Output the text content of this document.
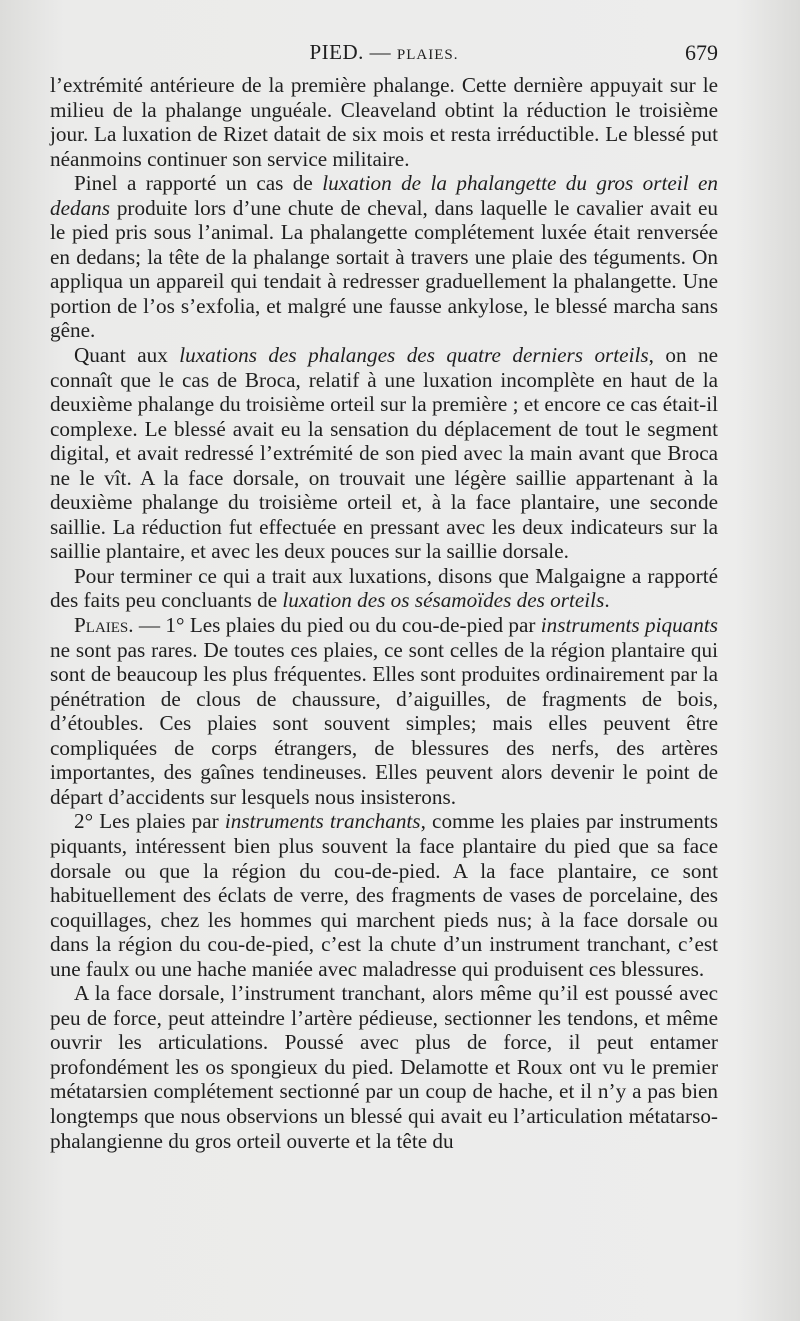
PIED. — PLAIES.	679

l’extrémité antérieure de la première phalange. Cette dernière appuyait sur le milieu de la phalange unguéale. Cleaveland obtint la réduction le troisième jour. La luxation de Rizet datait de six mois et resta irréductible. Le blessé put néanmoins continuer son service militaire.

Pinel a rapporté un cas de luxation de la phalangette du gros orteil en dedans produite lors d’une chute de cheval, dans laquelle le cavalier avait eu le pied pris sous l’animal. La phalangette complétement luxée était renversée en dedans; la tête de la phalange sortait à travers une plaie des téguments. On appliqua un appareil qui tendait à redresser graduellement la phalangette. Une portion de l’os s’exfolia, et malgré une fausse ankylose, le blessé marcha sans gêne.

Quant aux luxations des phalanges des quatre derniers orteils, on ne connaît que le cas de Broca, relatif à une luxation incomplète en haut de la deuxième phalange du troisième orteil sur la première ; et encore ce cas était-il complexe. Le blessé avait eu la sensation du déplacement de tout le segment digital, et avait redressé l’extrémité de son pied avec la main avant que Broca ne le vît. A la face dorsale, on trouvait une légère saillie appartenant à la deuxième phalange du troisième orteil et, à la face plantaire, une seconde saillie. La réduction fut effectuée en pressant avec les deux indicateurs sur la saillie plantaire, et avec les deux pouces sur la saillie dorsale.

Pour terminer ce qui a trait aux luxations, disons que Malgaigne a rapporté des faits peu concluants de luxation des os sésamoïdes des orteils.

Plaies. — 1° Les plaies du pied ou du cou-de-pied par instruments piquants ne sont pas rares. De toutes ces plaies, ce sont celles de la région plantaire qui sont de beaucoup les plus fréquentes. Elles sont produites ordinairement par la pénétration de clous de chaussure, d’aiguilles, de fragments de bois, d’étoubles. Ces plaies sont souvent simples; mais elles peuvent être compliquées de corps étrangers, de blessures des nerfs, des artères importantes, des gaînes tendineuses. Elles peuvent alors devenir le point de départ d’accidents sur lesquels nous insisterons.

2° Les plaies par instruments tranchants, comme les plaies par instruments piquants, intéressent bien plus souvent la face plantaire du pied que sa face dorsale ou que la région du cou-de-pied. A la face plantaire, ce sont habituellement des éclats de verre, des fragments de vases de porcelaine, des coquillages, chez les hommes qui marchent pieds nus; à la face dorsale ou dans la région du cou-de-pied, c’est la chute d’un instrument tranchant, c’est une faulx ou une hache maniée avec maladresse qui produisent ces blessures.

A la face dorsale, l’instrument tranchant, alors même qu’il est poussé avec peu de force, peut atteindre l’artère pédieuse, sectionner les tendons, et même ouvrir les articulations. Poussé avec plus de force, il peut entamer profondément les os spongieux du pied. Delamotte et Roux ont vu le premier métatarsien complétement sectionné par un coup de hache, et il n’y a pas bien longtemps que nous observions un blessé qui avait eu l’articulation métatarso-phalangienne du gros orteil ouverte et la tête du
